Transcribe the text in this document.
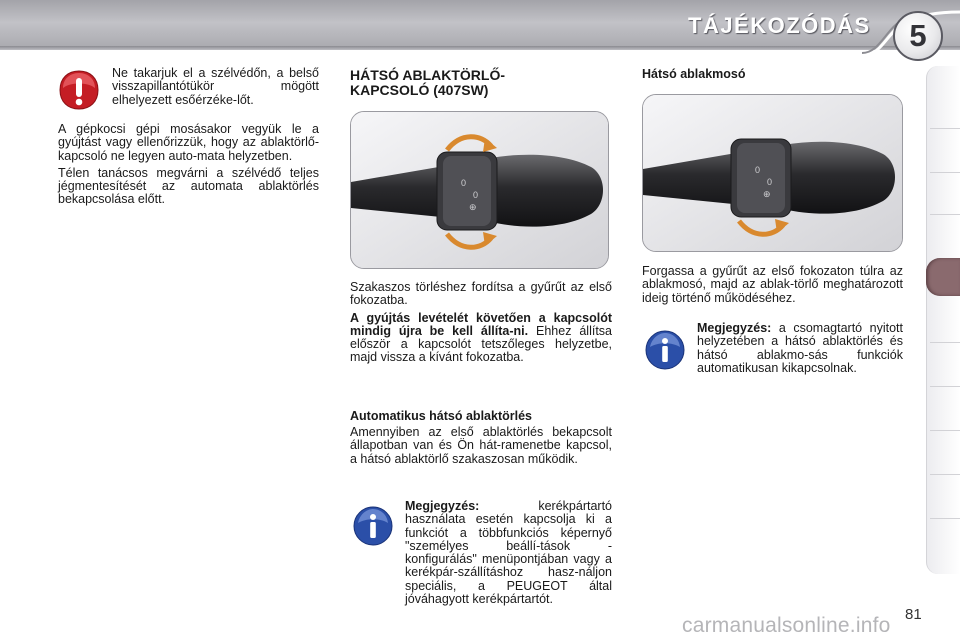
TÁJÉKOZÓDÁS	5
Ne takarjuk el a szélvédőn, a belső visszapillantótükör mögött elhelyezett esőérzéke-lőt.

A gépkocsi gépi mosásakor vegyük le a gyújtást vagy ellenőrizzük, hogy az ablaktörlő-kapcsoló ne legyen auto-mata helyzetben.

Télen tanácsos megvárni a szélvédő teljes jégmentesítését az automata ablaktörlés bekapcsolása előtt.

HÁTSÓ ABLAKTÖRLŐ-
KAPCSOLÓ (407SW)
0
0
⊕

Szakaszos törléshez fordítsa a gyűrűt az első fokozatba.

A gyújtás levételét követően a kapcsolót mindig újra be kell állíta-ni. Ehhez állítsa először a kapcsolót tetszőleges helyzetbe, majd vissza a kívánt fokozatba.

Automatikus hátsó ablaktörlés
Amennyiben az első ablaktörlés bekapcsolt állapotban van és Ön hát-ramenetbe kapcsol, a hátsó ablaktörlő szakaszosan működik.
Megjegyzés: kerékpártartó használata esetén kapcsolja ki a funkciót a többfunkciós képernyő "személyes beállí-tások - konfigurálás" menüpontjában vagy a kerékpár-szállításhoz hasz-náljon speciális, a PEUGEOT által jóváhagyott kerékpártartót.
Hátsó ablakmosó
0
0
⊕
Forgassa a gyűrűt az első fokozaton túlra az ablakmosó, majd az ablak-törlő meghatározott ideig történő működéséhez.
Megjegyzés: a csomagtartó nyitott helyzetében a hátsó ablaktörlés és hátsó ablakmo-sás funkciók automatikusan kikapcsolnak.
81
carmanualsonline.info
